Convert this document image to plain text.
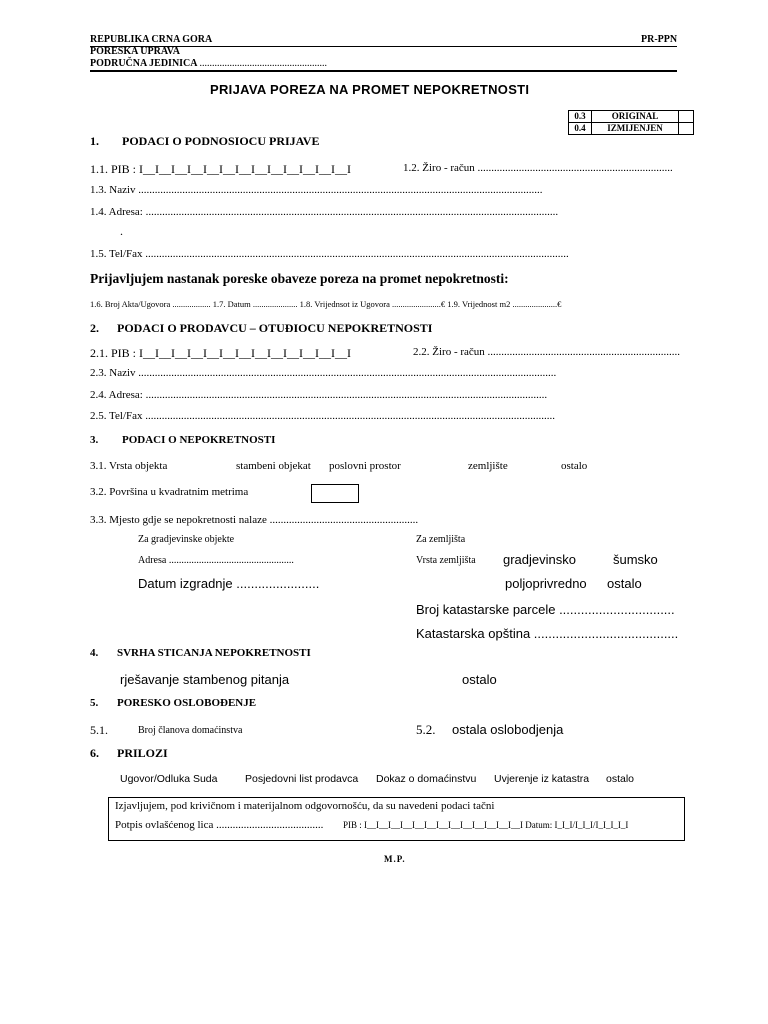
REPUBLIKA CRNA GORA
PORESKA UPRAVA
PODRUČNA JEDINICA ...................................................
PR-PPN
PRIJAVA POREZA NA PROMET NEPOKRETNOSTI
0.3	ORIGINAL	
0.4	IZMIJENJEN	
1. PODACI O PODNOSIOCU PRIJAVE
1.1. PIB : I__I__I__I__I__I__I__I__I__I__I__I__I__I	1.2. Žiro - račun .......................................................................
1.3. Naziv ...................................................................................................................................................
1.4. Adresa: ......................................................................................................................................................
.
1.5. Tel/Fax ..........................................................................................................................................................
Prijavljujem nastanak poreske obaveze poreza na promet nepokretnosti:
1.6. Broj Akta/Ugovora .................. 1.7. Datum ..................... 1.8. Vrijednsot iz Ugovora .......................€ 1.9. Vrijednost m2 .....................€
2. PODACI O PRODAVCU – OTUĐIOCU NEPOKRETNOSTI
2.1. PIB : I__I__I__I__I__I__I__I__I__I__I__I__I__I	2.2. Žiro - račun ......................................................................
2.3. Naziv ........................................................................................................................................................
2.4. Adresa: ..................................................................................................................................................
2.5. Tel/Fax .....................................................................................................................................................
3. PODACI O NEPOKRETNOSTI
3.1. Vrsta objekta	stambeni objekat poslovni prostor	zemljište	ostalo
3.2. Površina u kvadratnim metrima
3.3. Mjesto gdje se nepokretnosti nalaze ......................................................
Za gradjevinske objekte	Za zemljišta
Adresa ..................................................	Vrsta zemljišta gradjevinsko	šumsko
Datum izgradnje .......................	poljoprivredno ostalo
Broj katastarske parcele ................................
Katastarska opština ........................................
4. SVRHA STICANJA NEPOKRETNOSTI
rješavanje stambenog pitanja	ostalo
5. PORESKO OSLOBOĐENJE
5.1.	Broj članova domaćinstva	5.2. ostala oslobodjenja
6. PRILOZI
Ugovor/Odluka Suda	Posjedovni list prodavca Dokaz o domaćinstvu Uvjerenje iz katastra ostalo
Izjavljujem, pod krivičnom i materijalnom odgovornošću, da su navedeni podaci tačni
Potpis ovlašćenog lica ....................................... PIB : I__I__I__I__I__I__I__I__I__I__I__I__I__I Datum: I_I_I/I_I_I/I_I_I_I_I
M.P.
